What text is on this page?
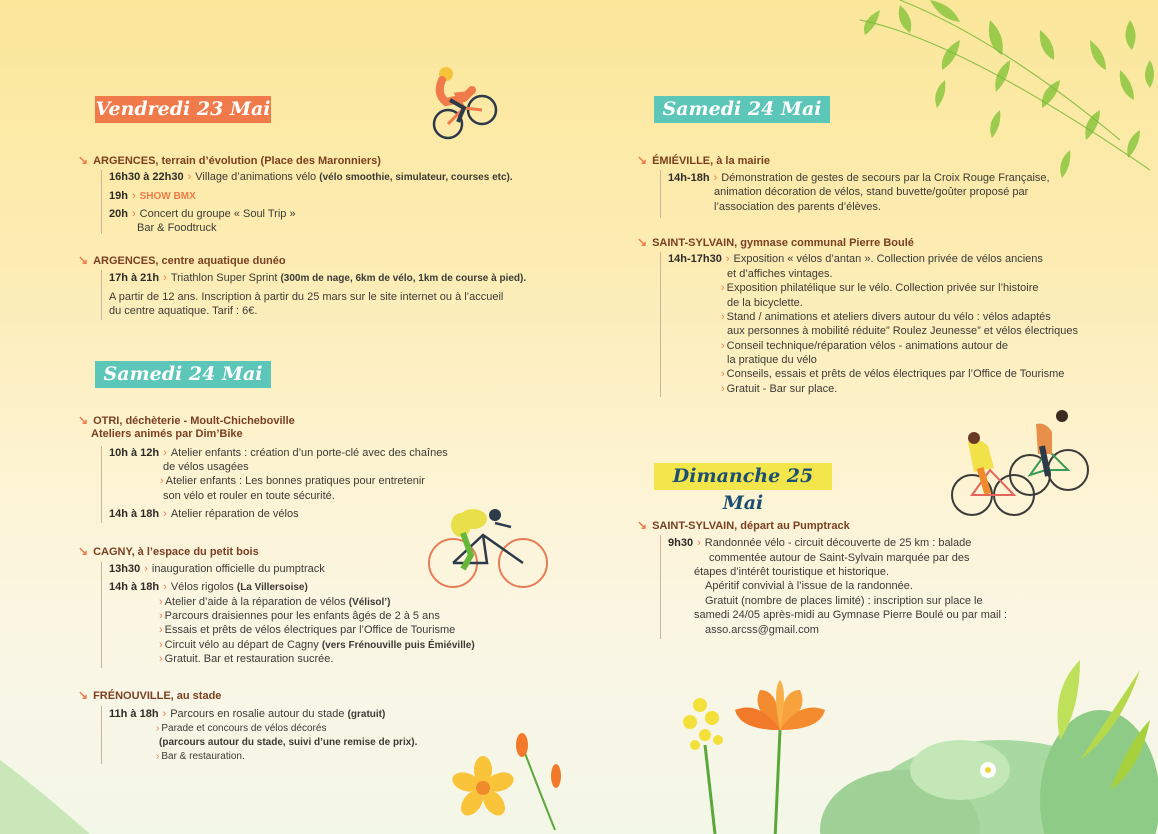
Vendredi 23 Mai
↘ ARGENCES, terrain d’évolution (Place des Maronniers)
16h30 à 22h30 › Village d’animations vélo (vélo smoothie, simulateur, courses etc).
19h › SHOW BMX
20h › Concert du groupe « Soul Trip »
Bar & Foodtruck
↘ ARGENCES, centre aquatique dunéo
17h à 21h › Triathlon Super Sprint (300m de nage, 6km de vélo, 1km de course à pied).
A partir de 12 ans. Inscription à partir du 25 mars sur le site internet ou à l’accueil
du centre aquatique. Tarif : 6€.
Samedi 24 Mai
↘ OTRI, déchèterie - Moult-Chicheboville
Ateliers animés par Dim’Bike
10h à 12h › Atelier enfants : création d’un porte-clé avec des chaînes
de vélos usagées
› Atelier enfants : Les bonnes pratiques pour entretenir
son vélo et rouler en toute sécurité.
14h à 18h › Atelier réparation de vélos
↘ CAGNY, à l’espace du petit bois
13h30 › inauguration officielle du pumptrack
14h à 18h › Vélos rigolos (La Villersoise)
› Atelier d’aide à la réparation de vélos (Vélisol’)
› Parcours draisiennes pour les enfants âgés de 2 à 5 ans
› Essais et prêts de vélos électriques par l’Office de Tourisme
› Circuit vélo au départ de Cagny (vers Frénouville puis Émiéville)
› Gratuit. Bar et restauration sucrée.
↘ FRÉNOUVILLE, au stade
11h à 18h › Parcours en rosalie autour du stade (gratuit)
› Parade et concours de vélos décorés
(parcours autour du stade, suivi d’une remise de prix).
› Bar & restauration.
Samedi 24 Mai
↘ ÉMIÉVILLE, à la mairie
14h-18h › Démonstration de gestes de secours par la Croix Rouge Française,
animation décoration de vélos, stand buvette/goûter proposé par
l’association des parents d’élèves.
↘ SAINT-SYLVAIN, gymnase communal Pierre Boulé
14h-17h30 › Exposition « vélos d’antan ». Collection privée de vélos anciens
et d’affiches vintages.
› Exposition philatélique sur le vélo. Collection privée sur l’histoire
de la bicyclette.
› Stand / animations et ateliers divers autour du vélo : vélos adaptés
aux personnes à mobilité réduite” Roulez Jeunesse” et vélos électriques
› Conseil technique/réparation vélos - animations autour de
la pratique du vélo
› Conseils, essais et prêts de vélos électriques par l’Office de Tourisme
› Gratuit - Bar sur place.
Dimanche 25 Mai
↘ SAINT-SYLVAIN, départ au Pumptrack
9h30 › Randonnée vélo - circuit découverte de 25 km : balade
commentée autour de Saint-Sylvain marquée par des
étapes d’intérêt touristique et historique.
Apéritif convivial à l’issue de la randonnée.
Gratuit (nombre de places limité) : inscription sur place le
samedi 24/05 après-midi au Gymnase Pierre Boulé ou par mail :
asso.arcss@gmail.com
